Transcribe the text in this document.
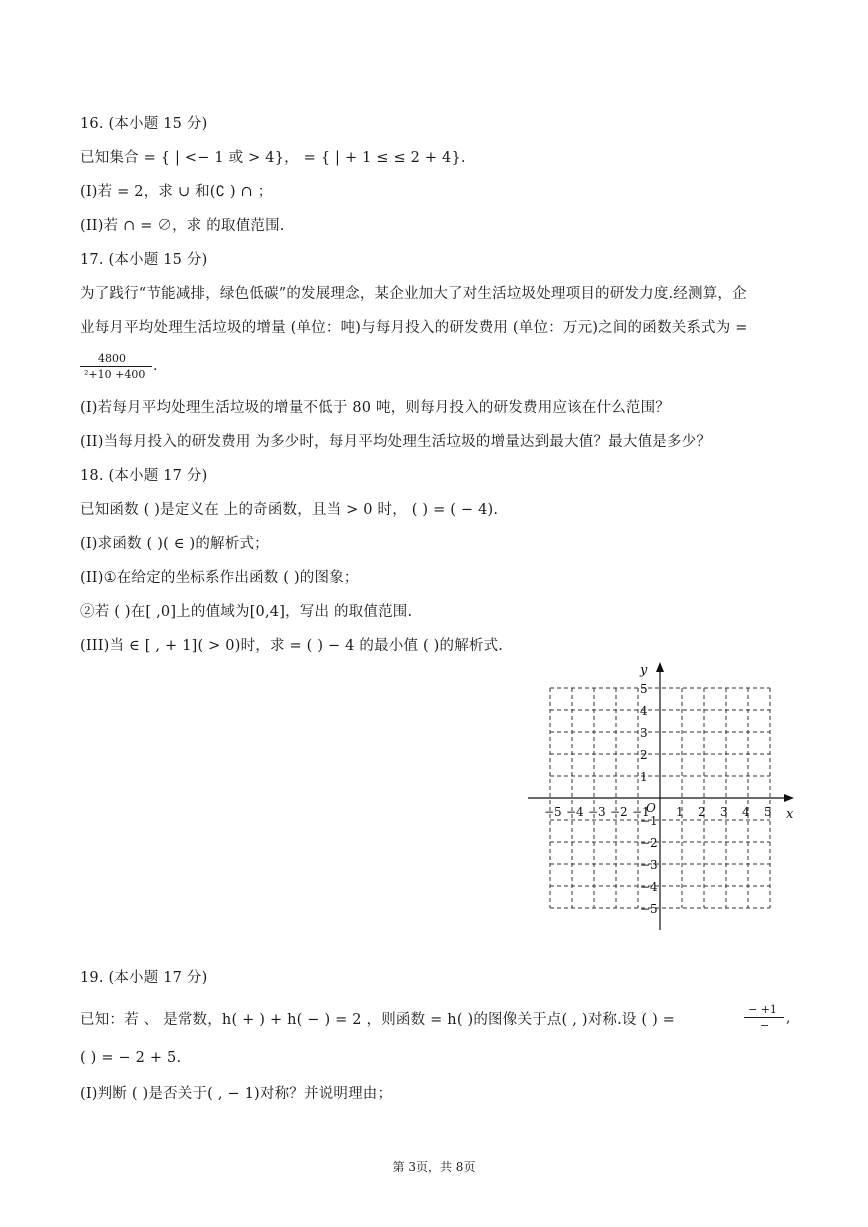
16. (本小题 15 分)
已知集合 = { | <− 1 或 > 4}， = { | + 1 ≤ ≤ 2 + 4}.
(I)若 = 2，求 ∪ 和(∁ ) ∩ ；
(II)若 ∩ = ∅，求 的取值范围.
17. (本小题 15 分)
为了践行“节能减排，绿色低碳”的发展理念，某企业加大了对生活垃圾处理项目的研发力度.经测算，企
业每月平均处理生活垃圾的增量 (单位：吨)与每月投入的研发费用 (单位：万元)之间的函数关系式为 =
4800
²+10 +400
.
(I)若每月平均处理生活垃圾的增量不低于 80 吨，则每月投入的研发费用应该在什么范围？
(II)当每月投入的研发费用 为多少时，每月平均处理生活垃圾的增量达到最大值？最大值是多少？
18. (本小题 17 分)
已知函数 ( )是定义在 上的奇函数，且当 > 0 时， ( ) = ( − 4).
(I)求函数 ( )( ∈ )的解析式；
(II)①在给定的坐标系作出函数 ( )的图象；
②若 ( )在[ ,0]上的值域为[0,4]，写出 的取值范围.
(III)当 ∈ [ , + 1]( > 0)时，求 = ( ) − 4 的最小值 ( )的解析式.
x
y
O
−5 −4 −3 −2 −1 1 2 3 4 5
5
4
3
2
1
−1
−2
−3
−4
−5
19. (本小题 17 分)
已知：若 、 是常数，h( + ) + h( − ) = 2 ，则函数 = h( )的图像关于点( , )对称.设 ( ) =
− +1
− ,
( ) = − 2 + 5.
(I)判断 ( )是否关于( , − 1)对称？并说明理由；
第 3页，共 8页
